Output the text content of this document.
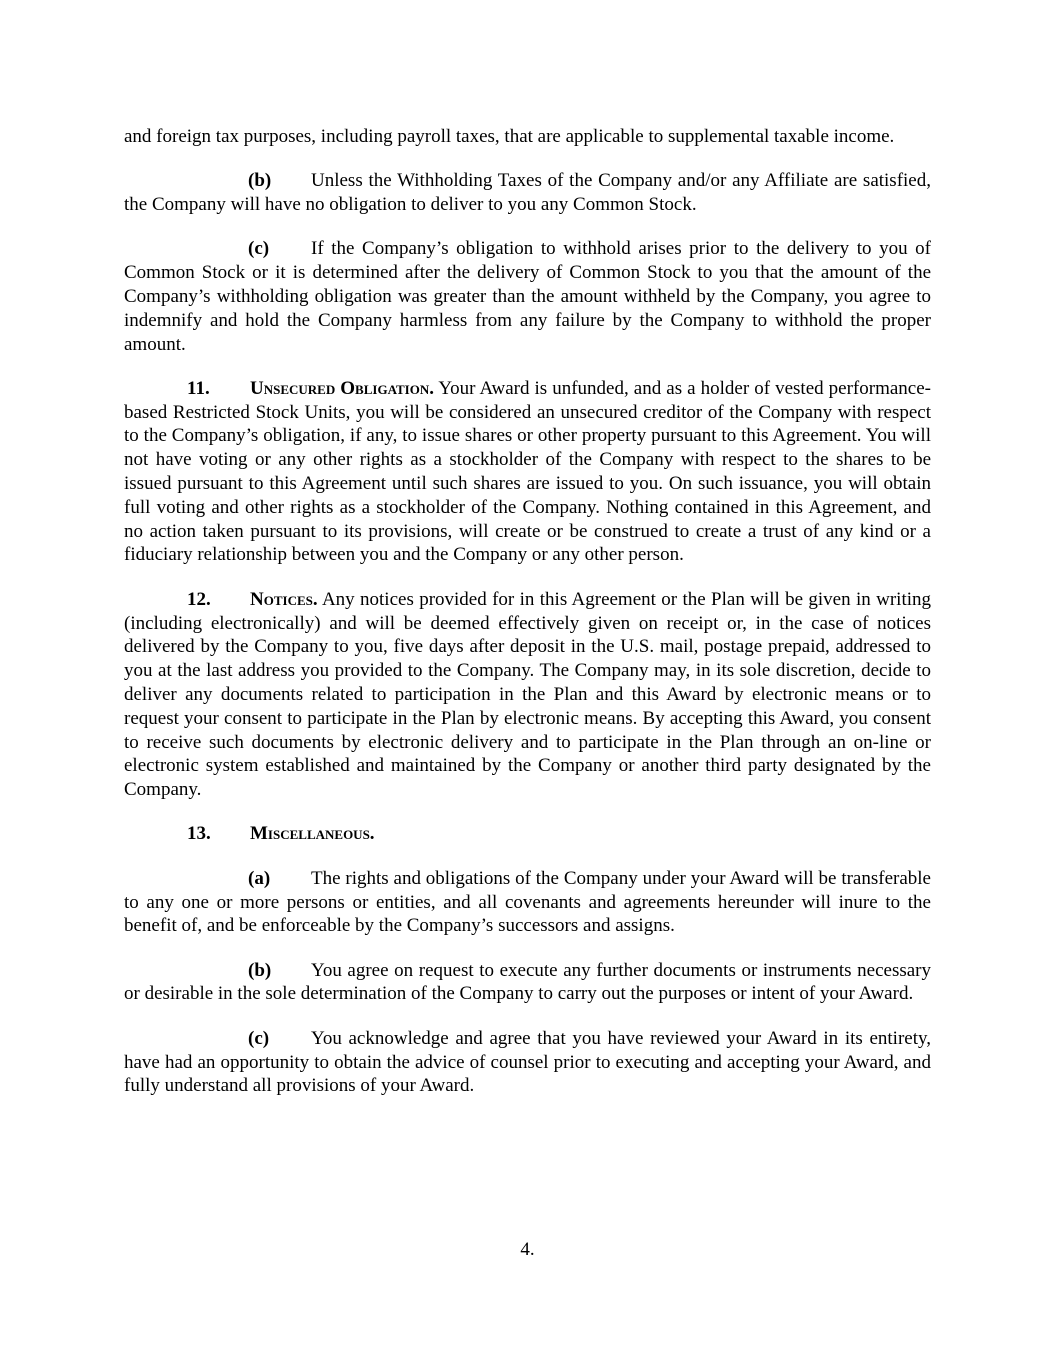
and foreign tax purposes, including payroll taxes, that are applicable to supplemental taxable income.

(b) Unless the Withholding Taxes of the Company and/or any Affiliate are satisfied, the Company will have no obligation to deliver to you any Common Stock.

(c) If the Company’s obligation to withhold arises prior to the delivery to you of Common Stock or it is determined after the delivery of Common Stock to you that the amount of the Company’s withholding obligation was greater than the amount withheld by the Company, you agree to indemnify and hold the Company harmless from any failure by the Company to withhold the proper amount.

11. Unsecured Obligation. Your Award is unfunded, and as a holder of vested performance-based Restricted Stock Units, you will be considered an unsecured creditor of the Company with respect to the Company’s obligation, if any, to issue shares or other property pursuant to this Agreement. You will not have voting or any other rights as a stockholder of the Company with respect to the shares to be issued pursuant to this Agreement until such shares are issued to you. On such issuance, you will obtain full voting and other rights as a stockholder of the Company. Nothing contained in this Agreement, and no action taken pursuant to its provisions, will create or be construed to create a trust of any kind or a fiduciary relationship between you and the Company or any other person.

12. Notices. Any notices provided for in this Agreement or the Plan will be given in writing (including electronically) and will be deemed effectively given on receipt or, in the case of notices delivered by the Company to you, five days after deposit in the U.S. mail, postage prepaid, addressed to you at the last address you provided to the Company. The Company may, in its sole discretion, decide to deliver any documents related to participation in the Plan and this Award by electronic means or to request your consent to participate in the Plan by electronic means. By accepting this Award, you consent to receive such documents by electronic delivery and to participate in the Plan through an on-line or electronic system established and maintained by the Company or another third party designated by the Company.

13. Miscellaneous.

(a) The rights and obligations of the Company under your Award will be transferable to any one or more persons or entities, and all covenants and agreements hereunder will inure to the benefit of, and be enforceable by the Company’s successors and assigns.

(b) You agree on request to execute any further documents or instruments necessary or desirable in the sole determination of the Company to carry out the purposes or intent of your Award.

(c) You acknowledge and agree that you have reviewed your Award in its entirety, have had an opportunity to obtain the advice of counsel prior to executing and accepting your Award, and fully understand all provisions of your Award.

4.
